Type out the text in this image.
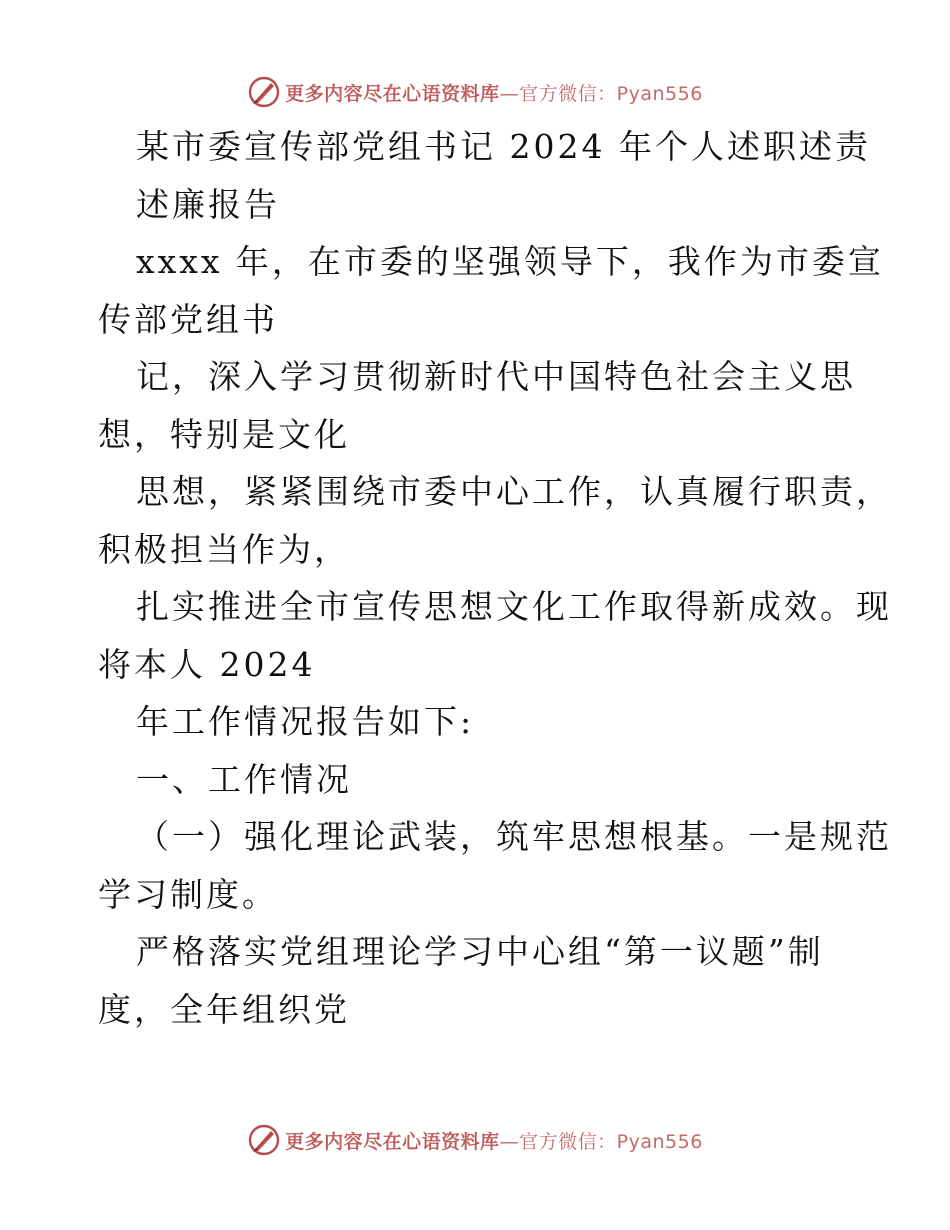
更多内容尽在心语资料库—官方微信：Pyan556
某市委宣传部党组书记 2024 年个人述职述责
述廉报告
xxxx 年，在市委的坚强领导下，我作为市委宣
传部党组书
记，深入学习贯彻新时代中国特色社会主义思
想，特别是文化
思想，紧紧围绕市委中心工作，认真履行职责，
积极担当作为，
扎实推进全市宣传思想文化工作取得新成效。现
将本人 2024
年工作情况报告如下:
一、工作情况
（一）强化理论武装，筑牢思想根基。一是规范
学习制度。
严格落实党组理论学习中心组“第一议题”制
度，全年组织党
更多内容尽在心语资料库—官方微信：Pyan556
